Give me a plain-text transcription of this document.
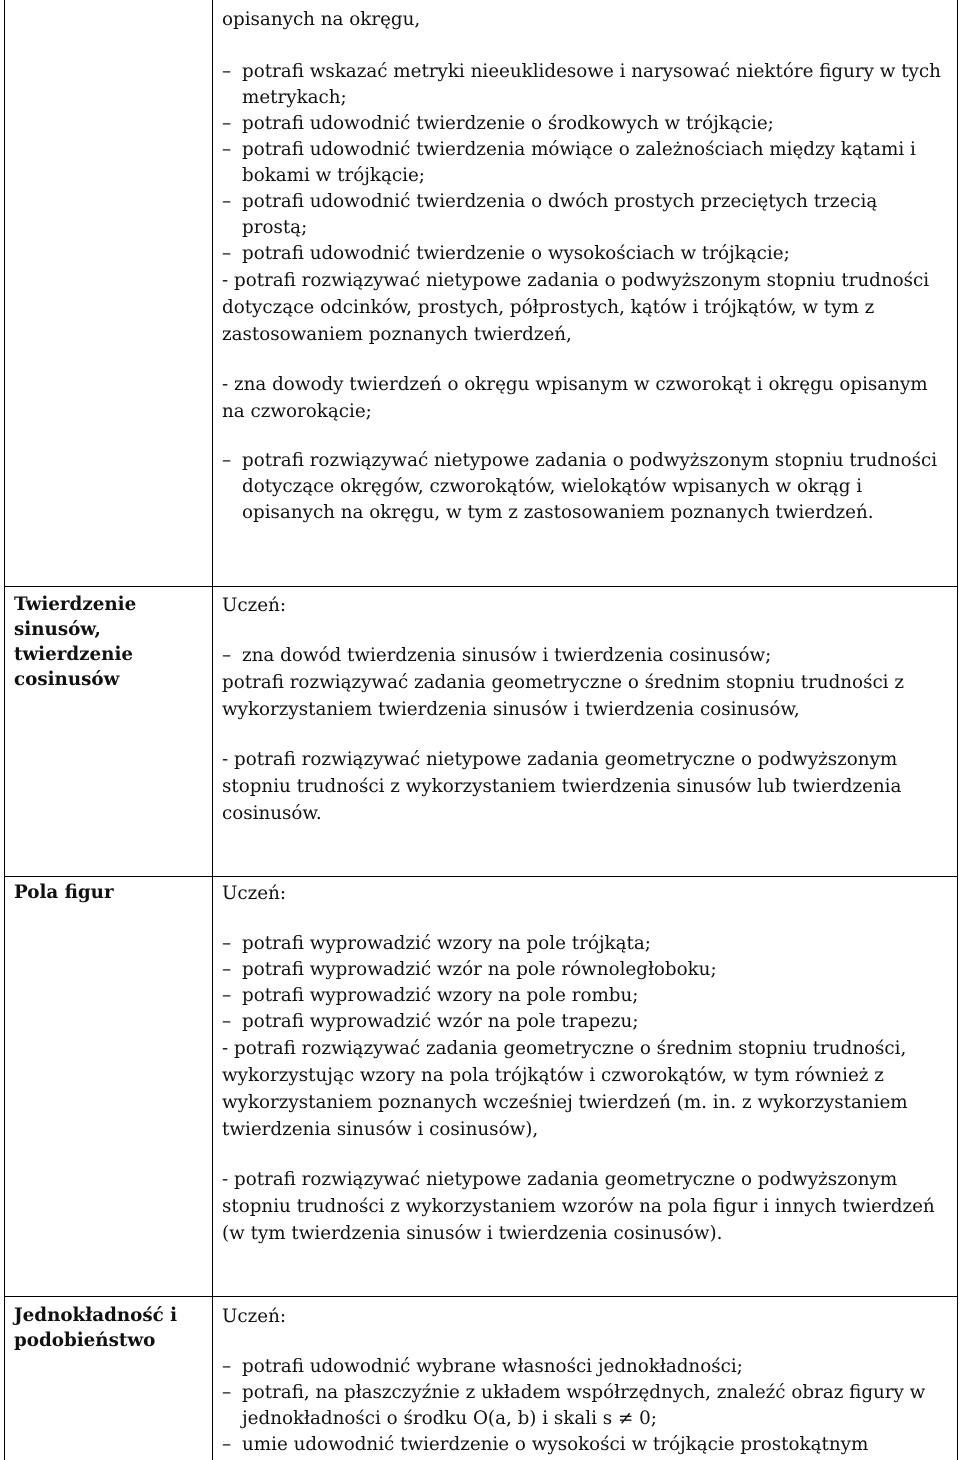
opisanych na okręgu,

– potrafi wskazać metryki nieeuklidesowe i narysować niektóre figury w tych metrykach;

– potrafi udowodnić twierdzenie o środkowych w trójkącie;

– potrafi udowodnić twierdzenia mówiące o zależnościach między kątami i bokami w trójkącie;

– potrafi udowodnić twierdzenia o dwóch prostych przeciętych trzecią prostą;

– potrafi udowodnić twierdzenie o wysokościach w trójkącie;

- potrafi rozwiązywać nietypowe zadania o podwyższonym stopniu trudności dotyczące odcinków, prostych, półprostych, kątów i trójkątów, w tym z zastosowaniem poznanych twierdzeń,

- zna dowody twierdzeń o okręgu wpisanym w czworokąt i okręgu opisanym na czworokącie;

– potrafi rozwiązywać nietypowe zadania o podwyższonym stopniu trudności dotyczące okręgów, czworokątów, wielokątów wpisanych w okrąg i opisanych na okręgu, w tym z zastosowaniem poznanych twierdzeń.

Twierdzenie sinusów, twierdzenie cosinusów

Uczeń:

– zna dowód twierdzenia sinusów i twierdzenia cosinusów;

potrafi rozwiązywać zadania geometryczne o średnim stopniu trudności z wykorzystaniem twierdzenia sinusów i twierdzenia cosinusów,

- potrafi rozwiązywać nietypowe zadania geometryczne o podwyższonym stopniu trudności z wykorzystaniem twierdzenia sinusów lub twierdzenia cosinusów.

Pola figur	Uczeń:

– potrafi wyprowadzić wzory na pole trójkąta;

– potrafi wyprowadzić wzór na pole równoległoboku;

– potrafi wyprowadzić wzory na pole rombu;

– potrafi wyprowadzić wzór na pole trapezu;

- potrafi rozwiązywać zadania geometryczne o średnim stopniu trudności, wykorzystując wzory na pola trójkątów i czworokątów, w tym również z wykorzystaniem poznanych wcześniej twierdzeń (m. in. z wykorzystaniem twierdzenia sinusów i cosinusów),

- potrafi rozwiązywać nietypowe zadania geometryczne o podwyższonym stopniu trudności z wykorzystaniem wzorów na pola figur i innych twierdzeń (w tym twierdzenia sinusów i twierdzenia cosinusów).

Jednokładność i podobieństwo

Uczeń:

– potrafi udowodnić wybrane własności jednokładności;

– potrafi, na płaszczyźnie z układem współrzędnych, znaleźć obraz figury w jednokładności o środku O(a, b) i skali s ≠ 0;

– umie udowodnić twierdzenie o wysokości w trójkącie prostokątnym
